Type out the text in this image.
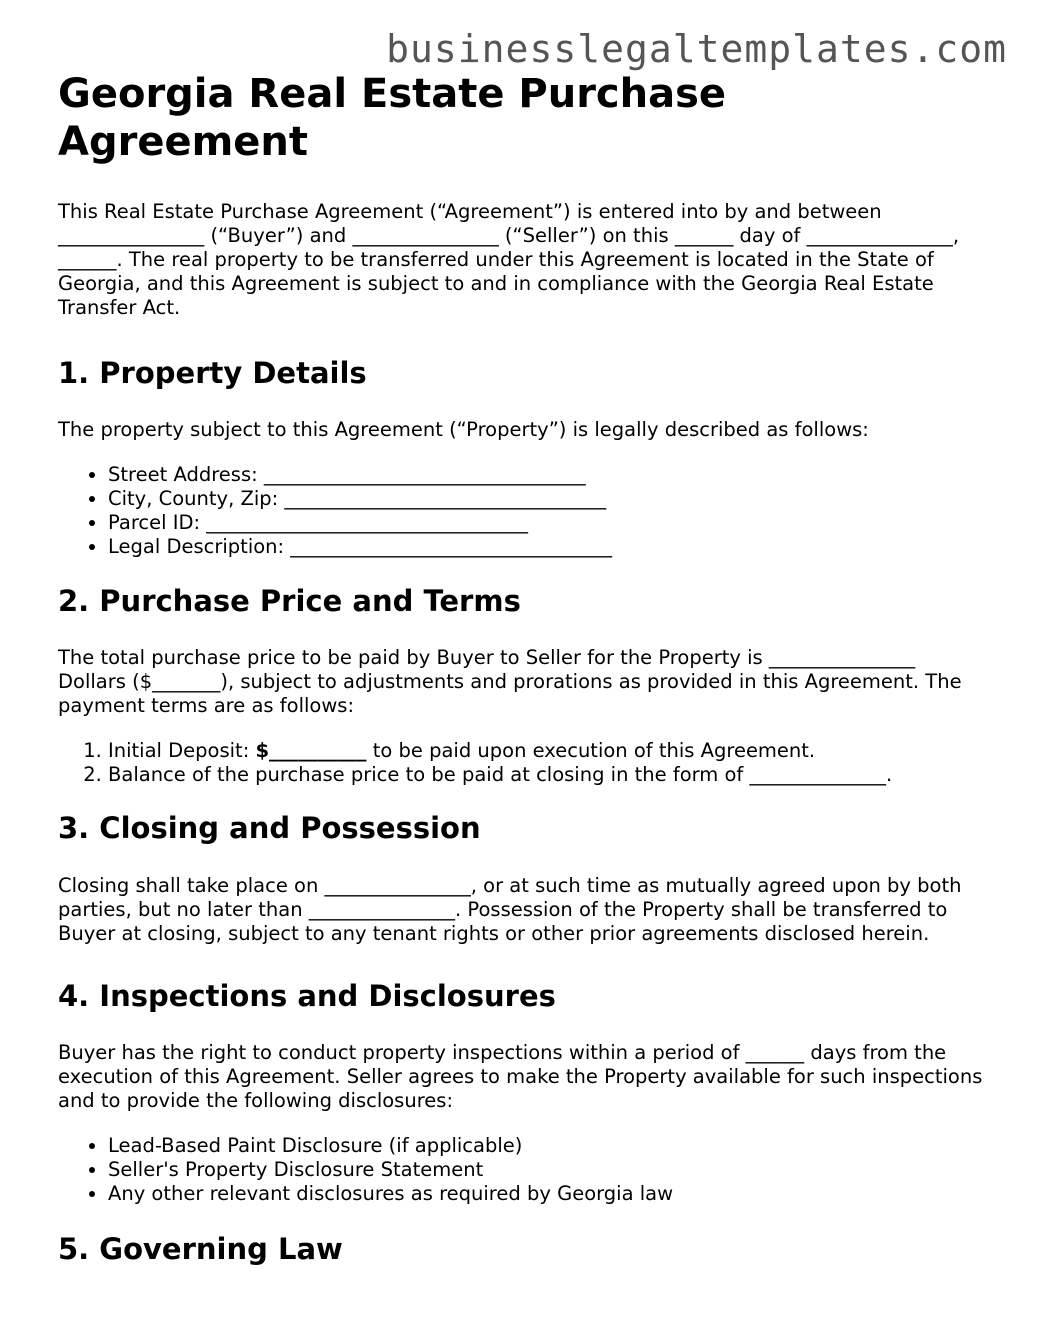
businesslegaltemplates.com
Georgia Real Estate Purchase Agreement

This Real Estate Purchase Agreement (“Agreement”) is entered into by and between _______________ (“Buyer”) and _______________ (“Seller”) on this ______ day of _______________, ______. The real property to be transferred under this Agreement is located in the State of Georgia, and this Agreement is subject to and in compliance with the Georgia Real Estate Transfer Act.

1. Property Details

The property subject to this Agreement (“Property”) is legally described as follows:

• Street Address: _________________________________
• City, County, Zip: _________________________________
• Parcel ID: _________________________________
• Legal Description: _________________________________
2. Purchase Price and Terms

The total purchase price to be paid by Buyer to Seller for the Property is _______________ Dollars ($_______), subject to adjustments and prorations as provided in this Agreement. The payment terms are as follows:

1. Initial Deposit: $__________ to be paid upon execution of this Agreement.
2. Balance of the purchase price to be paid at closing in the form of ______________.
3. Closing and Possession

Closing shall take place on _______________, or at such time as mutually agreed upon by both parties, but no later than _______________. Possession of the Property shall be transferred to Buyer at closing, subject to any tenant rights or other prior agreements disclosed herein.

4. Inspections and Disclosures

Buyer has the right to conduct property inspections within a period of ______ days from the execution of this Agreement. Seller agrees to make the Property available for such inspections and to provide the following disclosures:

• Lead-Based Paint Disclosure (if applicable)
• Seller's Property Disclosure Statement
• Any other relevant disclosures as required by Georgia law
5. Governing Law
